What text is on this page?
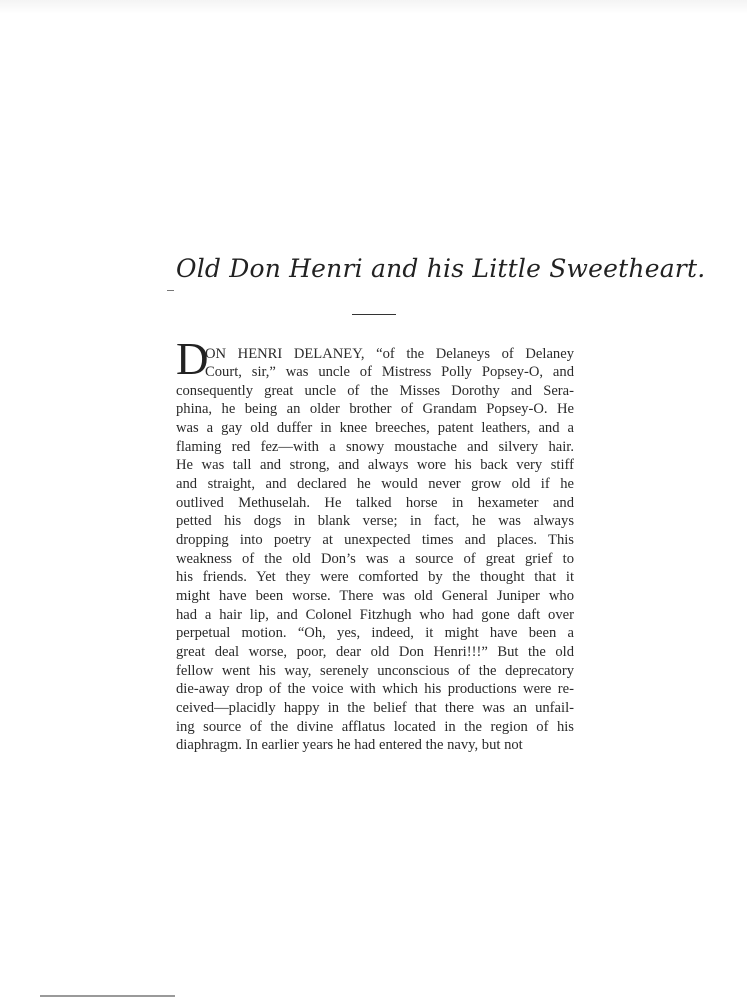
Old Don Henri and his Little Sweetheart.
D
ON HENRI DELANEY, “of the Delaneys of Delaney
Court, sir,” was uncle of Mistress Polly Popsey-O, and
consequently great uncle of the Misses Dorothy and Sera-
phina, he being an older brother of Grandam Popsey-O. He
was a gay old duffer in knee breeches, patent leathers, and a
flaming red fez—with a snowy moustache and silvery hair.
He was tall and strong, and always wore his back very stiff
and straight, and declared he would never grow old if he
outlived Methuselah. He talked horse in hexameter and
petted his dogs in blank verse; in fact, he was always
dropping into poetry at unexpected times and places. This
weakness of the old Don’s was a source of great grief to
his friends. Yet they were comforted by the thought that it
might have been worse. There was old General Juniper who
had a hair lip, and Colonel Fitzhugh who had gone daft over
perpetual motion. “Oh, yes, indeed, it might have been a
great deal worse, poor, dear old Don Henri!!!” But the old
fellow went his way, serenely unconscious of the deprecatory
die-away drop of the voice with which his productions were re-
ceived—placidly happy in the belief that there was an unfail-
ing source of the divine afflatus located in the region of his
diaphragm. In earlier years he had entered the navy, but not
